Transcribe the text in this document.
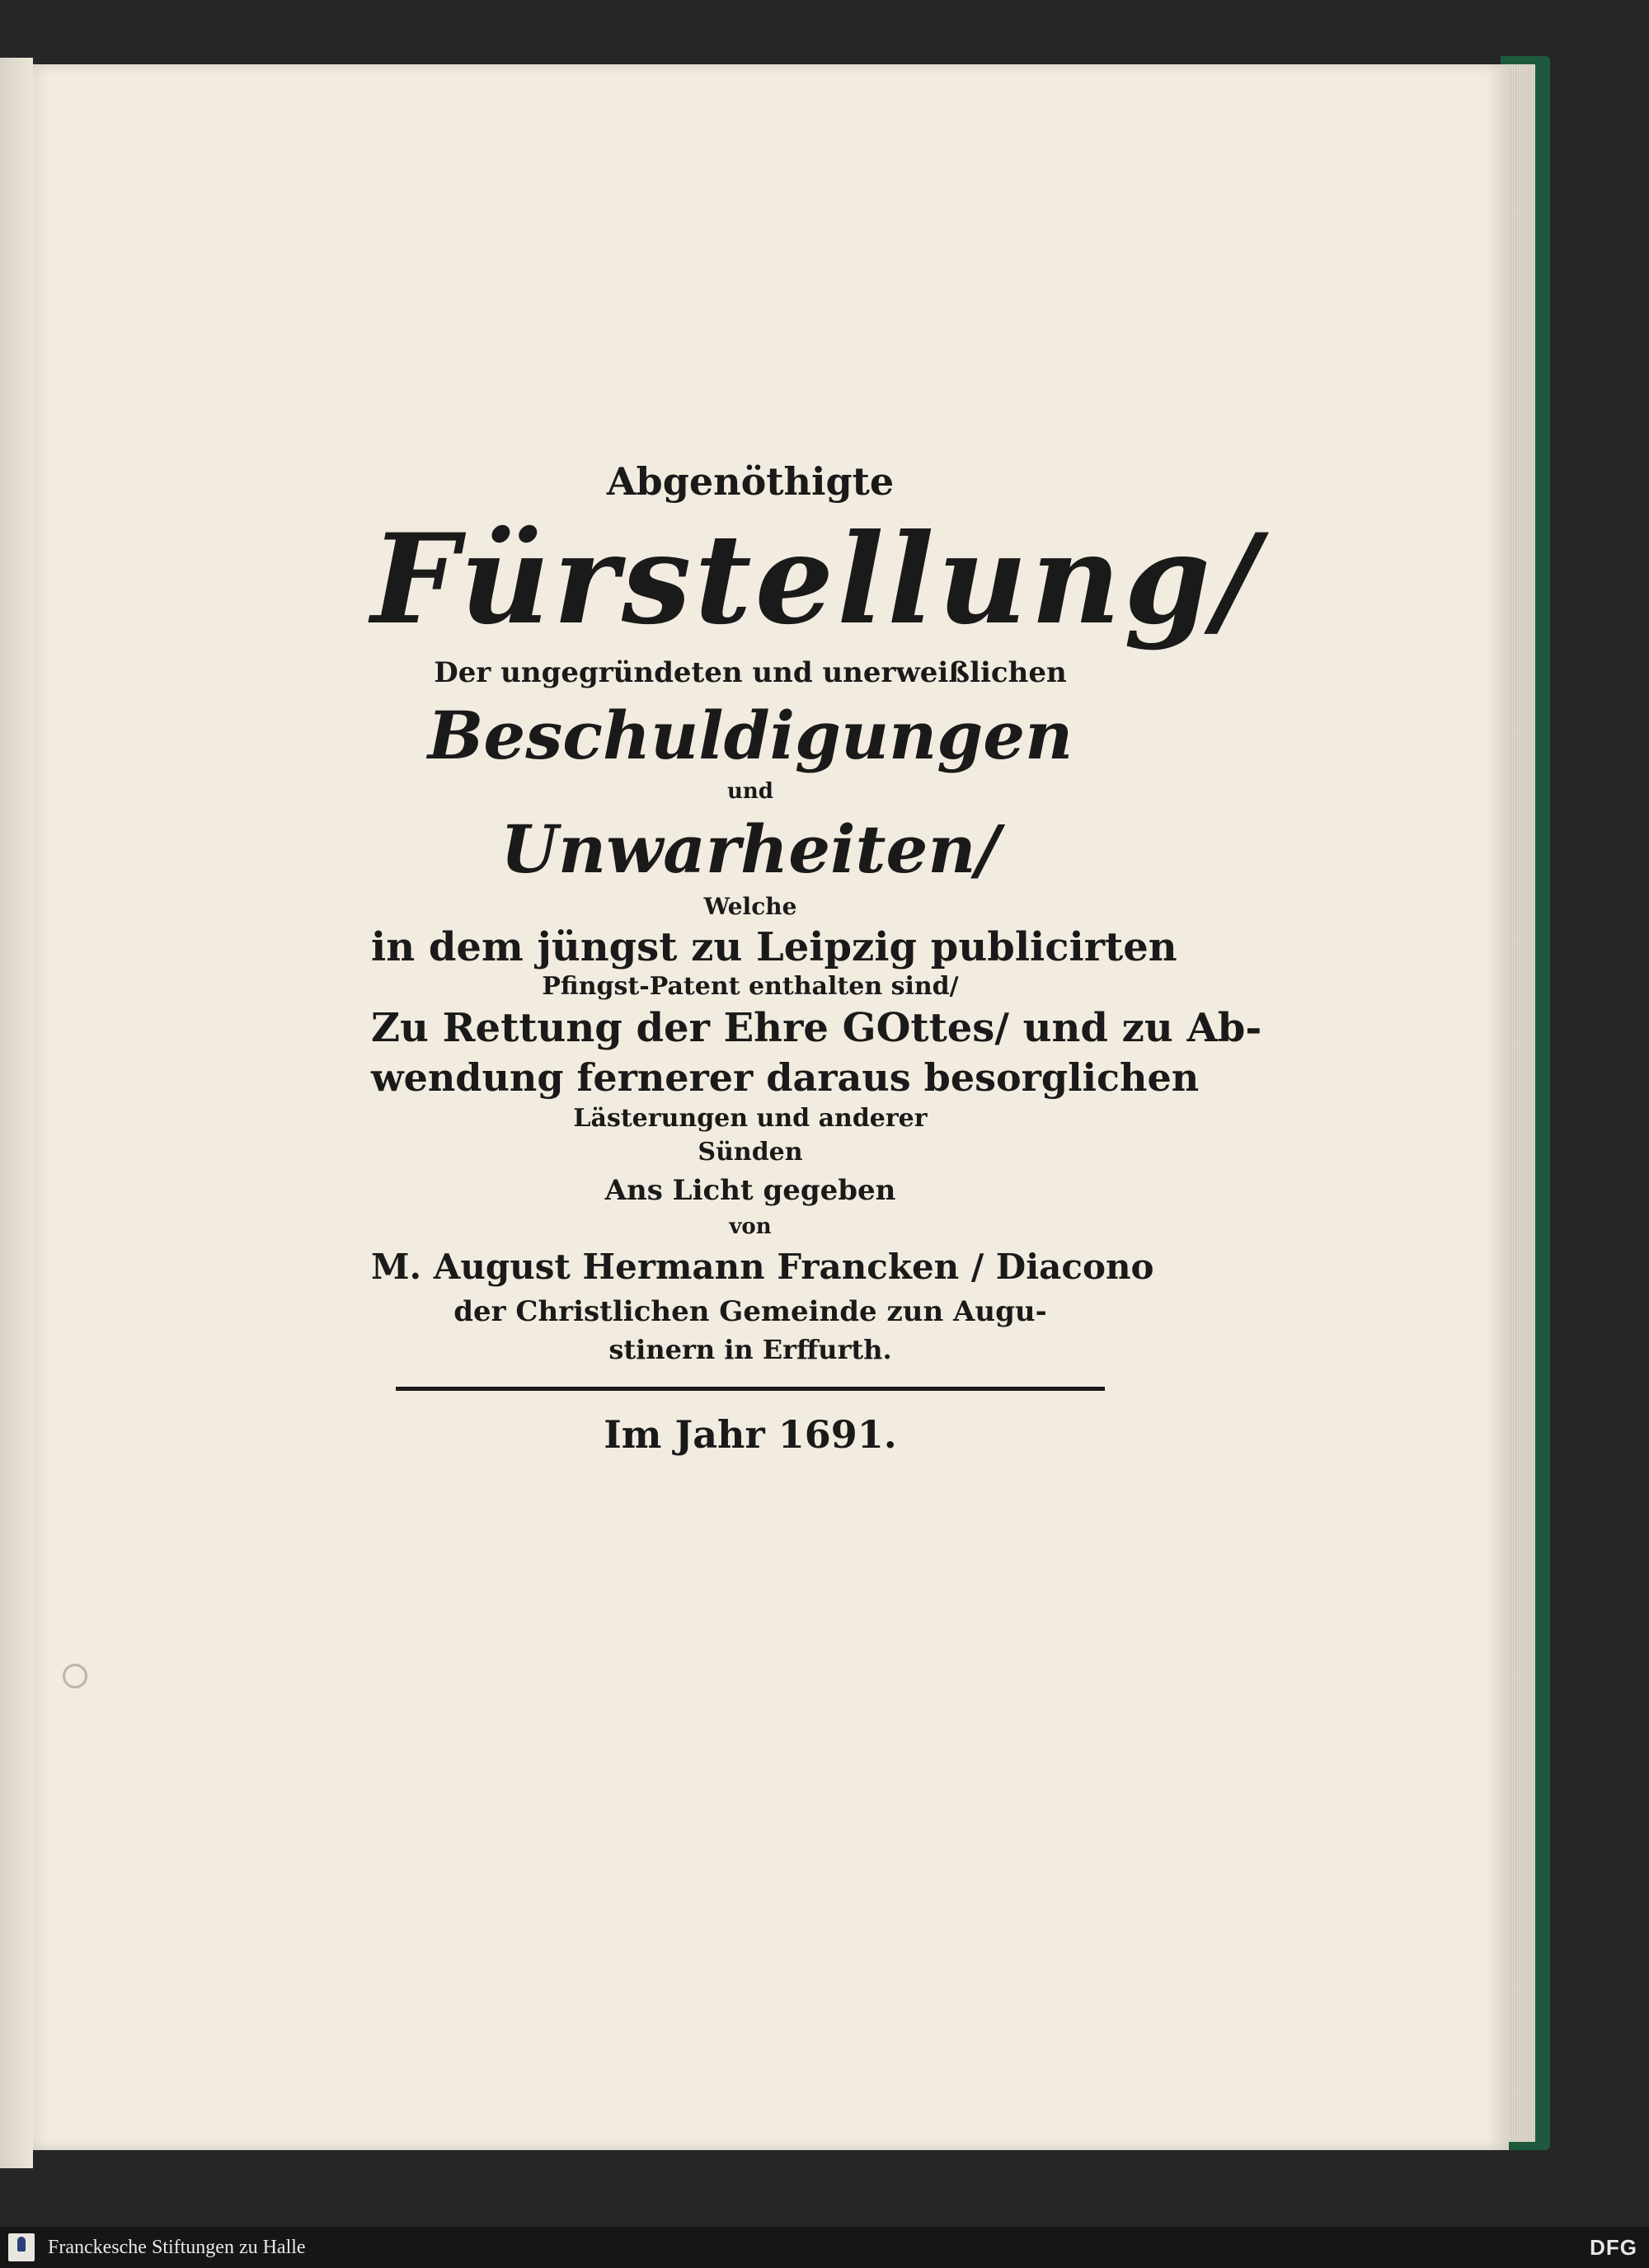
Abgenöthigte
Fürstellung/
Der ungegründeten und unerweißlichen
Beschuldigungen
und
Unwarheiten/
Welche
in dem jüngst zu Leipzig publicirten
Pfingst-Patent enthalten sind/
Zu Rettung der Ehre GOttes/ und zu Ab-
wendung fernerer daraus besorglichen
Lästerungen und anderer
Sünden
Ans Licht gegeben
von
M. August Hermann Francken / Diacono
der Christlichen Gemeinde zun Augu-
stinern in Erffurth.
Im Jahr 1691.
Franckesche Stiftungen zu Halle	DFG
